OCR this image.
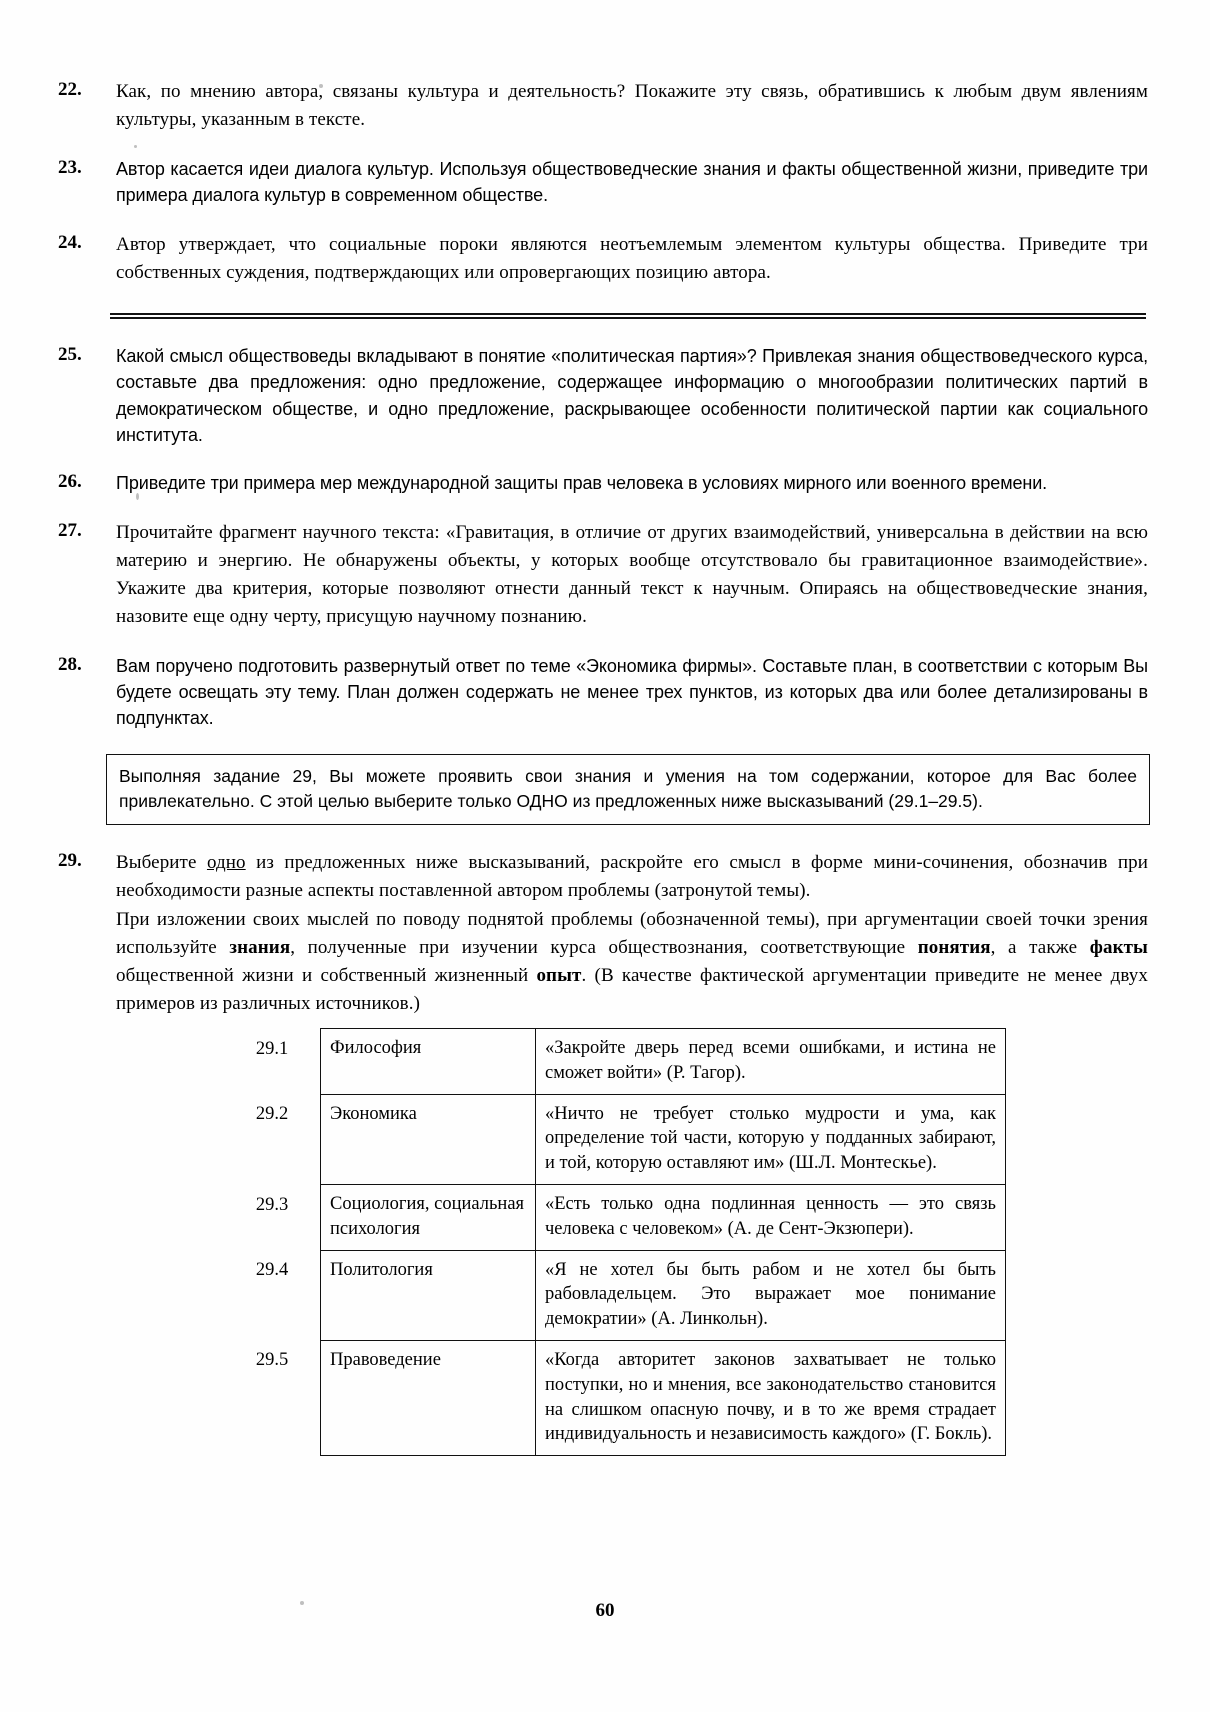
22.	Как, по мнению автора, связаны культура и деятельность? Покажите эту связь, обратившись к любым двум явлениям культуры, указанным в тексте.

23.	Автор касается идеи диалога культур. Используя обществоведческие знания и факты общественной жизни, приведите три примера диалога культур в современном обществе.

24.	Автор утверждает, что социальные пороки являются неотъемлемым элементом культуры общества. Приведите три собственных суждения, подтверждающих или опровергающих позицию автора.

25.	Какой смысл обществоведы вкладывают в понятие «политическая партия»? Привлекая знания обществоведческого курса, составьте два предложения: одно предложение, содержащее информацию о многообразии политических партий в демократическом обществе, и одно предложение, раскрывающее особенности политической партии как социального института.

26.	Приведите три примера мер международной защиты прав человека в условиях мирного или военного времени.

27.	Прочитайте фрагмент научного текста: «Гравитация, в отличие от других взаимодействий, универсальна в действии на всю материю и энергию. Не обнаружены объекты, у которых вообще отсутствовало бы гравитационное взаимодействие». Укажите два критерия, которые позволяют отнести данный текст к научным. Опираясь на обществоведческие знания, назовите еще одну черту, присущую научному познанию.

28.	Вам поручено подготовить развернутый ответ по теме «Экономика фирмы». Составьте план, в соответствии с которым Вы будете освещать эту тему. План должен содержать не менее трех пунктов, из которых два или более детализированы в подпунктах.

Выполняя задание 29, Вы можете проявить свои знания и умения на том содержании, которое для Вас более привлекательно. С этой целью выберите только ОДНО из предложенных ниже высказываний (29.1–29.5).
29.	Выберите одно из предложенных ниже высказываний, раскройте его смысл в форме мини-сочинения, обозначив при необходимости разные аспекты поставленной автором проблемы (затронутой темы).

При изложении своих мыслей по поводу поднятой проблемы (обозначенной темы), при аргументации своей точки зрения используйте знания, полученные при изучении курса обществознания, соответствующие понятия, а также факты общественной жизни и собственный жизненный опыт. (В качестве фактической аргументации приведите не менее двух примеров из различных источников.)

29.1	Философия	«Закройте дверь перед всеми ошибками, и истина не сможет войти» (Р. Тагор).
29.2	Экономика	«Ничто не требует столько мудрости и ума, как определение той части, которую у подданных забирают, и той, которую оставляют им» (Ш.Л. Монтескье).
29.3	Социология, социальная психология	«Есть только одна подлинная ценность — это связь человека с человеком» (А. де Сент-Экзюпери).
29.4	Политология	«Я не хотел бы быть рабом и не хотел бы быть рабовладельцем. Это выражает мое понимание демократии» (А. Линкольн).
29.5	Правоведение	«Когда авторитет законов захватывает не только поступки, но и мнения, все законодательство становится на слишком опасную почву, и в то же время страдает индивидуальность и независимость каждого» (Г. Бокль).
60
